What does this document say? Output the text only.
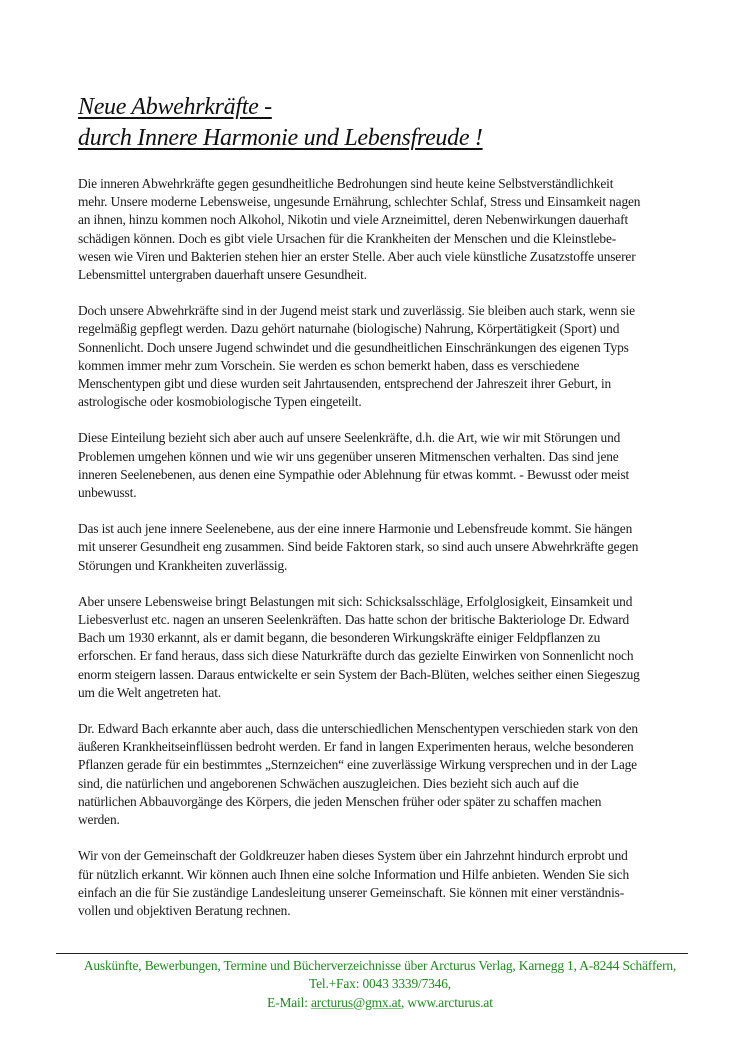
Neue Abwehrkräfte -
durch Innere Harmonie und Lebensfreude !

Die inneren Abwehrkräfte gegen gesundheitliche Bedrohungen sind heute keine Selbstverständlichkeit
mehr. Unsere moderne Lebensweise, ungesunde Ernährung, schlechter Schlaf, Stress und Einsamkeit nagen
an ihnen, hinzu kommen noch Alkohol, Nikotin und viele Arzneimittel, deren Nebenwirkungen dauerhaft
schädigen können. Doch es gibt viele Ursachen für die Krankheiten der Menschen und die Kleinstlebe-
wesen wie Viren und Bakterien stehen hier an erster Stelle. Aber auch viele künstliche Zusatzstoffe unserer
Lebensmittel untergraben dauerhaft unsere Gesundheit.

Doch unsere Abwehrkräfte sind in der Jugend meist stark und zuverlässig. Sie bleiben auch stark, wenn sie
regelmäßig gepflegt werden. Dazu gehört naturnahe (biologische) Nahrung, Körpertätigkeit (Sport) und
Sonnenlicht. Doch unsere Jugend schwindet und die gesundheitlichen Einschränkungen des eigenen Typs
kommen immer mehr zum Vorschein. Sie werden es schon bemerkt haben, dass es verschiedene
Menschentypen gibt und diese wurden seit Jahrtausenden, entsprechend der Jahreszeit ihrer Geburt, in
astrologische oder kosmobiologische Typen eingeteilt.

Diese Einteilung bezieht sich aber auch auf unsere Seelenkräfte, d.h. die Art, wie wir mit Störungen und
Problemen umgehen können und wie wir uns gegenüber unseren Mitmenschen verhalten. Das sind jene
inneren Seelenebenen, aus denen eine Sympathie oder Ablehnung für etwas kommt. - Bewusst oder meist
unbewusst.

Das ist auch jene innere Seelenebene, aus der eine innere Harmonie und Lebensfreude kommt. Sie hängen
mit unserer Gesundheit eng zusammen. Sind beide Faktoren stark, so sind auch unsere Abwehrkräfte gegen
Störungen und Krankheiten zuverlässig.

Aber unsere Lebensweise bringt Belastungen mit sich: Schicksalsschläge, Erfolglosigkeit, Einsamkeit und
Liebesverlust etc. nagen an unseren Seelenkräften. Das hatte schon der britische Bakteriologe Dr. Edward
Bach um 1930 erkannt, als er damit begann, die besonderen Wirkungskräfte einiger Feldpflanzen zu
erforschen. Er fand heraus, dass sich diese Naturkräfte durch das gezielte Einwirken von Sonnenlicht noch
enorm steigern lassen. Daraus entwickelte er sein System der Bach-Blüten, welches seither einen Siegeszug
um die Welt angetreten hat.

Dr. Edward Bach erkannte aber auch, dass die unterschiedlichen Menschentypen verschieden stark von den
äußeren Krankheitseinflüssen bedroht werden. Er fand in langen Experimenten heraus, welche besonderen
Pflanzen gerade für ein bestimmtes „Sternzeichen“ eine zuverlässige Wirkung versprechen und in der Lage
sind, die natürlichen und angeborenen Schwächen auszugleichen. Dies bezieht sich auch auf die
natürlichen Abbauvorgänge des Körpers, die jeden Menschen früher oder später zu schaffen machen
werden.

Wir von der Gemeinschaft der Goldkreuzer haben dieses System über ein Jahrzehnt hindurch erprobt und
für nützlich erkannt. Wir können auch Ihnen eine solche Information und Hilfe anbieten. Wenden Sie sich
einfach an die für Sie zuständige Landesleitung unserer Gemeinschaft. Sie können mit einer verständnis-
vollen und objektiven Beratung rechnen.

Auskünfte, Bewerbungen, Termine und Bücherverzeichnisse über Arcturus Verlag, Karnegg 1, A-8244 Schäffern,
Tel.+Fax: 0043 3339/7346,
E-Mail: arcturus@gmx.at, www.arcturus.at
